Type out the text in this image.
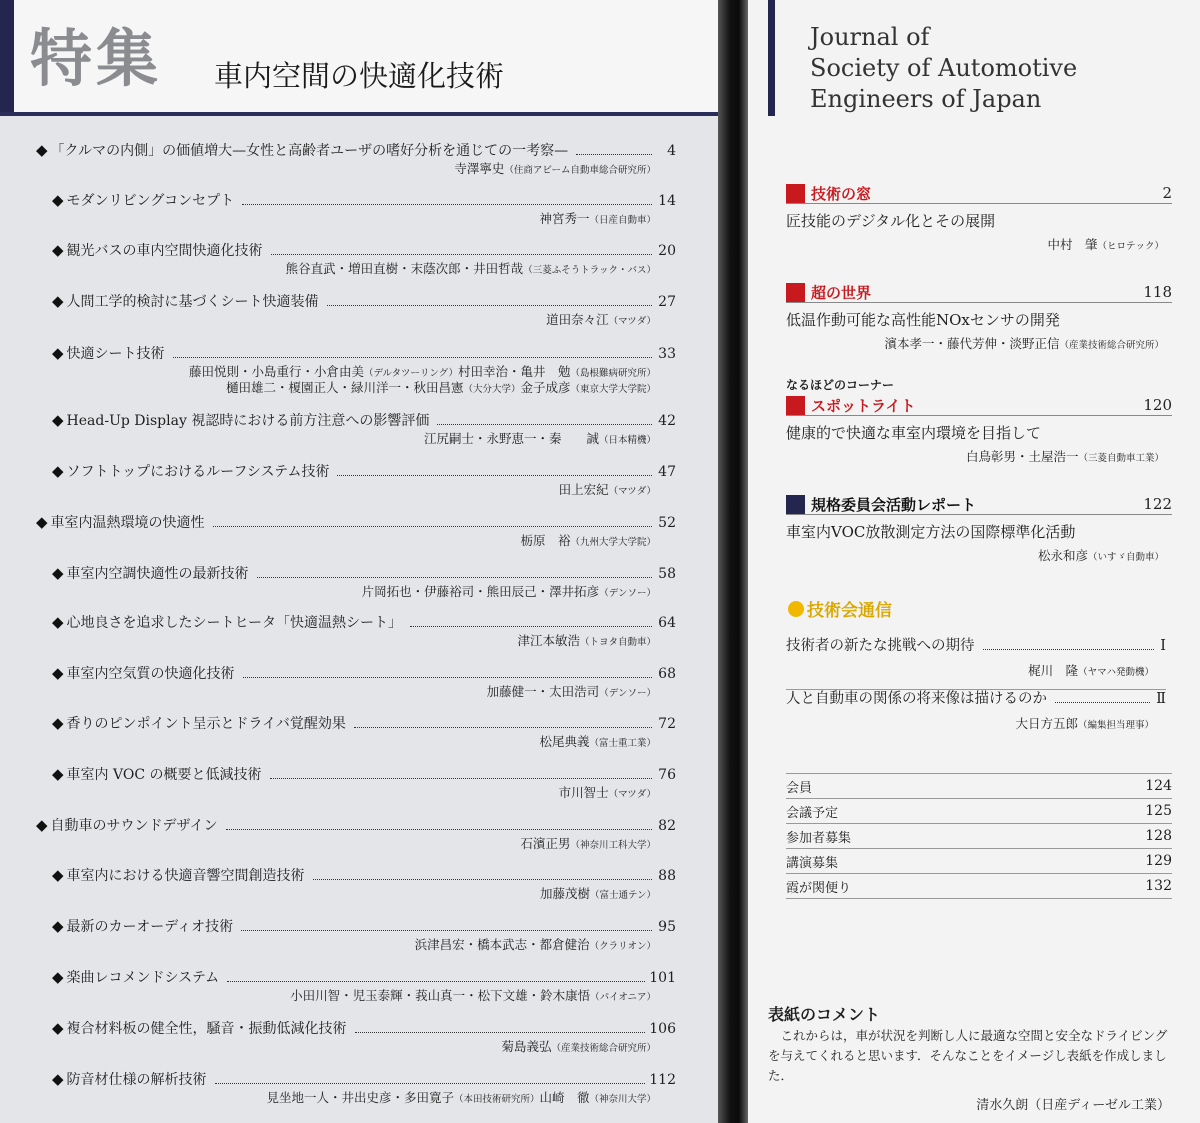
特集 車内空間の快適化技術
◆ 「クルマの内側」の価値増大—女性と高齢者ユーザの嗜好分析を通じての一考察—	4
寺澤寧史（住商アビーム自動車総合研究所）
◆ モダンリビングコンセプト	14
神宮秀一（日産自動車）
◆ 観光バスの車内空間快適化技術	20
熊谷直武・増田直樹・末蔭次郎・井田哲哉（三菱ふそうトラック・バス）
◆ 人間工学的検討に基づくシート快適装備	27
道田奈々江（マツダ）
◆ 快適シート技術	33
藤田悦則・小島重行・小倉由美（デルタツーリング）村田幸治・亀井　勉（島根難病研究所）
樋田雄二・榎園正人・緑川洋一・秋田昌憲（大分大学）金子成彦（東京大学大学院）
◆ Head-Up Display 視認時における前方注意への影響評価	42
江尻嗣士・永野恵一・秦　　誠（日本精機）
◆ ソフトトップにおけるルーフシステム技術	47
田上宏紀（マツダ）
◆ 車室内温熱環境の快適性	52
栃原　裕（九州大学大学院）
◆ 車室内空調快適性の最新技術	58
片岡拓也・伊藤裕司・熊田辰己・澤井拓彦（デンソー）
◆ 心地良さを追求したシートヒータ「快適温熱シート」	64
津江本敏浩（トヨタ自動車）
◆ 車室内空気質の快適化技術	68
加藤健一・太田浩司（デンソー）
◆ 香りのピンポイント呈示とドライバ覚醒効果	72
松尾典義（富士重工業）
◆ 車室内 VOC の概要と低減技術	76
市川智士（マツダ）
◆ 自動車のサウンドデザイン	82
石濱正男（神奈川工科大学）
◆ 車室内における快適音響空間創造技術	88
加藤茂樹（富士通テン）
◆ 最新のカーオーディオ技術	95
浜津昌宏・橋本武志・都倉健治（クラリオン）
◆ 楽曲レコメンドシステム	101
小田川智・児玉泰輝・莪山真一・松下文雄・鈴木康悟（パイオニア）
◆ 複合材料板の健全性，騒音・振動低減化技術	106
菊島義弘（産業技術総合研究所）
◆ 防音材仕様の解析技術	112
見坐地一人・井出史彦・多田寛子（本田技術研究所）山崎　徹（神奈川大学）
Journal of
Society of Automotive
Engineers of Japan
技術の窓	2
匠技能のデジタル化とその展開
中村　肇（ヒロテック）
超の世界	118
低温作動可能な高性能NOxセンサの開発
濱本孝一・藤代芳伸・淡野正信（産業技術総合研究所）
なるほどのコーナー
スポットライト	120
健康的で快適な車室内環境を目指して
白鳥彰男・土屋浩一（三菱自動車工業）
規格委員会活動レポート	122
車室内VOC放散測定方法の国際標準化活動
松永和彦（いすゞ自動車）
技術会通信
技術者の新たな挑戦への期待	Ⅰ
梶川　隆（ヤマハ発動機）
人と自動車の関係の将来像は描けるのか	Ⅱ
大日方五郎（編集担当理事）
会員	124
会議予定	125
参加者募集	128
講演募集	129
霞が関便り	132
表紙のコメント
　これからは，車が状況を判断し人に最適な空間と安全なドライビングを与えてくれると思います．そんなことをイメージし表紙を作成しました．
清水久朗（日産ディーゼル工業）
